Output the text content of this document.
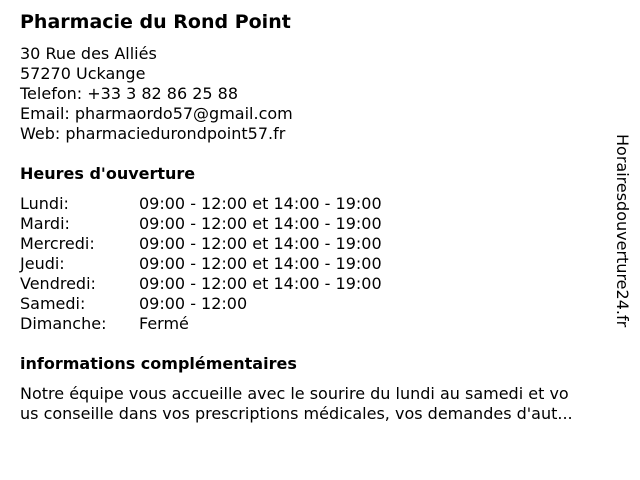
Pharmacie du Rond Point
30 Rue des Alliés
57270 Uckange
Telefon: +33 3 82 86 25 88
Email: pharmaordo57@gmail.com
Web: pharmaciedurondpoint57.fr
Heures d'ouverture
Lundi:	09:00 - 12:00 et 14:00 - 19:00
Mardi:	09:00 - 12:00 et 14:00 - 19:00
Mercredi:	09:00 - 12:00 et 14:00 - 19:00
Jeudi:	09:00 - 12:00 et 14:00 - 19:00
Vendredi:	09:00 - 12:00 et 14:00 - 19:00
Samedi:	09:00 - 12:00
Dimanche: Fermé
informations complémentaires
Notre équipe vous accueille avec le sourire du lundi au samedi et vo
us conseille dans vos prescriptions médicales, vos demandes d'aut...
Horairesdouverture24.fr
